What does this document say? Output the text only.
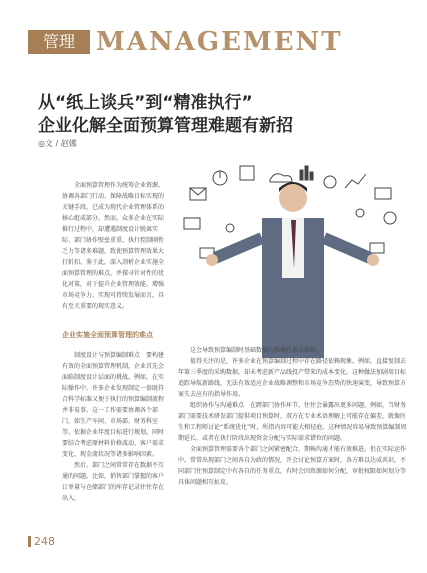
管理 MANAGEMENT
从“纸上谈兵”到“精准执行”
企业化解全面预算管理难题有新招
◎文 / 赵娜

全面预算管理作为统筹企业资源、协调各部门行动、保障战略目标实现的关键手段，已成为现代企业管理体系的核心组成部分。然而，众多企业在实际推行过程中，却遭遇制度设计脱离实际、部门协作壁垒重重、执行控制刚性乏力等诸多难题，致使预算管理效果大打折扣。鉴于此，深入剖析企业实施全面预算管理的难点，并探寻针对性的优化对策，对于提升企业管理效能、增强市场竞争力、实现可持续发展而言，具有至关重要的现实意义。

企业实施全面预算管理的难点

制度设计与预算编制难点　要构建有效的全面预算管理机制，企业首先会面临制度设计层面的挑战。例如，在实际操作中，许多企业发现制定一套既符合科学标准又便于执行的预算编制流程并非易事。这一工作需要协调各个部门，如生产车间、市场部、财务科室等。依据企业年度目标进行规划，同时要结合考虑原材料价格波动、客户需求变化、现金流状况等诸多影响因素。

然后，部门之间常常存在数据不互通的问题。比如，销售部门掌握的客户订单量与仓储部门的库存记录往往存在出入，

这会导致预算编制时基础数据的准确性难以保障。

值得关注的是，许多企业在预算编制过程中存在路径依赖现象。例如，直接复制去年第三季度的采购数据，却未考虑新产品线投产带来的成本变化。这种做法加剧用目标追踪导航新路线，无法有效适应企业战略调整和市场竞争态势的快速演变，导致预算方案失去应有的指导作用。

组织协作与沟通难点　在跨部门协作环节，往往会暴露出更多问题。例如，当财务部门需要技术研发部门提供项目预算时，双方在专业术语理解上可能存在偏差，就像医生和工程师讨论“系统优化”时，所指内容可能大相径庭。这种情况容易导致预算编制周期延长，或者在执行阶段出现资金分配与实际需求错位的问题。

全面预算管理需要各个部门之间紧密配合，期畅沟通才能有效推进。但在实际运作中，常常出现部门之间各自为政的情况，开会讨论预算方案时，各方难以达成共识，不同部门往预算制定中有各自的任务重点，有时会因资源如何分配、审批权限如何划分等具体问题相互扯皮。

248
